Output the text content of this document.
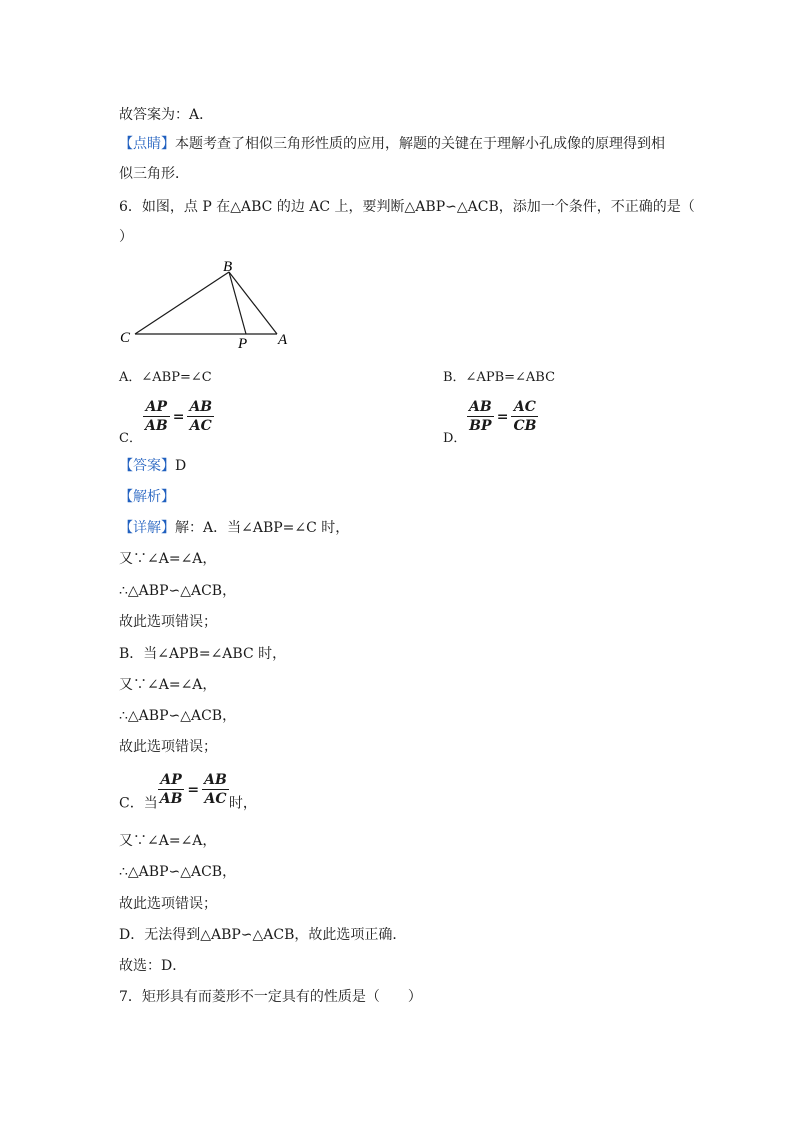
故答案为：A．
【点睛】本题考查了相似三角形性质的应用，解题的关键在于理解小孔成像的原理得到相
似三角形．
6．如图，点 P 在△ABC 的边 AC 上，要判断△ABP∽△ACB，添加一个条件，不正确的是（
）
B
C	P A
A．∠ABP=∠C	B．∠APB=∠ABC
C．
$\frac{AP}{AB} = \frac{AB}{AC}$
D．
$\frac{AB}{BP} = \frac{AC}{CB}$
【答案】D
【解析】
【详解】解：A．当∠ABP=∠C 时，
又∵∠A=∠A，
∴△ABP∽△ACB，
故此选项错误；
B．当∠APB=∠ABC 时，
又∵∠A=∠A，
∴△ABP∽△ACB，
故此选项错误；
C．当 $\frac{AP}{AB} = \frac{AB}{AC}$ 时，
又∵∠A=∠A，
∴△ABP∽△ACB，
故此选项错误；
D．无法得到△ABP∽△ACB，故此选项正确．
故选：D．
7．矩形具有而菱形不一定具有的性质是（　　）
